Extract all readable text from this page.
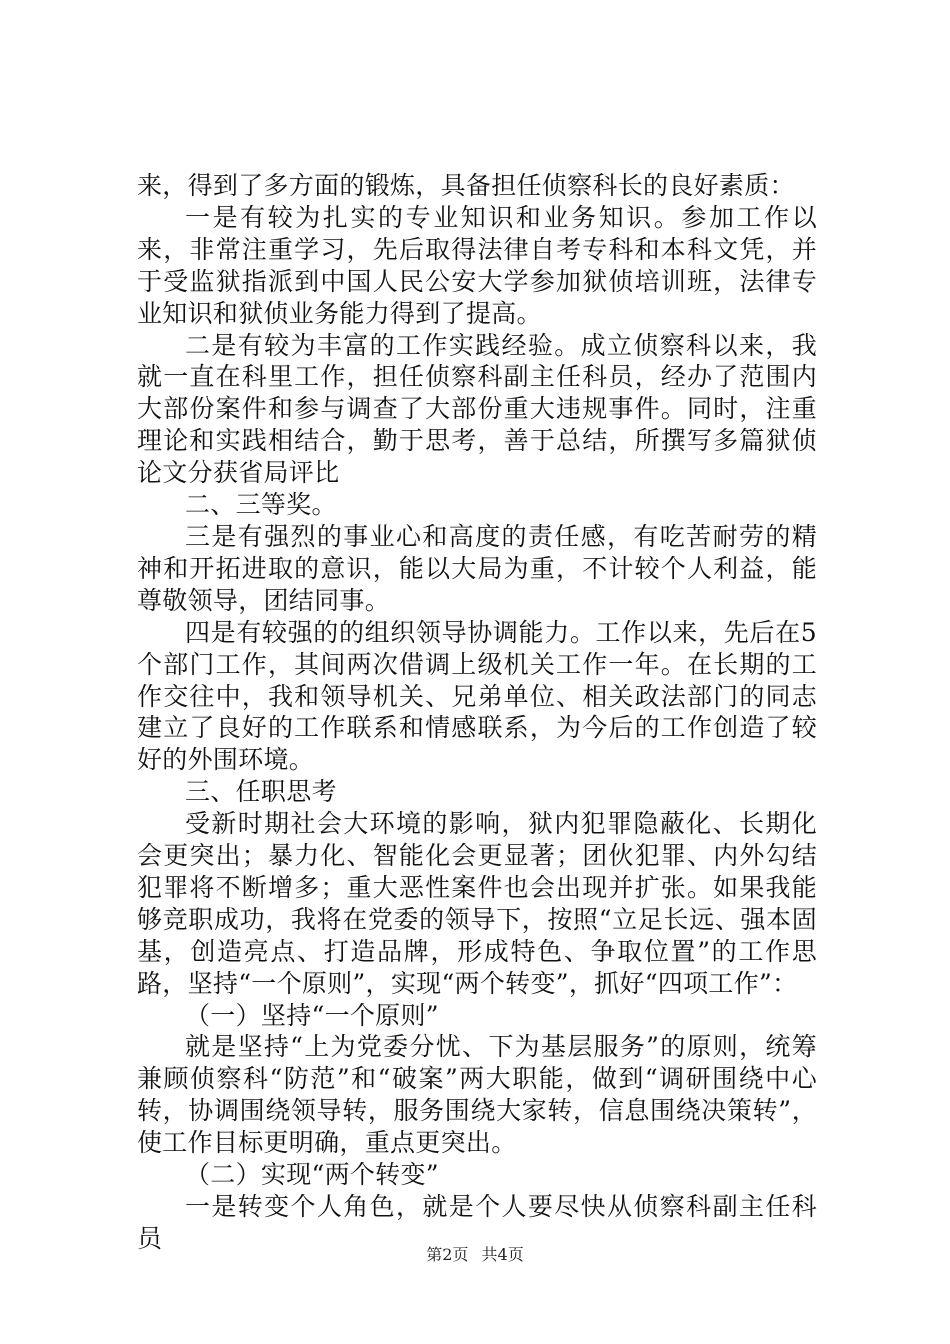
来，得到了多方面的锻炼，具备担任侦察科长的良好素质：

一是有较为扎实的专业知识和业务知识。参加工作以来，非常注重学习，先后取得法律自考专科和本科文凭，并于受监狱指派到中国人民公安大学参加狱侦培训班，法律专业知识和狱侦业务能力得到了提高。

二是有较为丰富的工作实践经验。成立侦察科以来，我就一直在科里工作，担任侦察科副主任科员，经办了范围内大部份案件和参与调查了大部份重大违规事件。同时，注重理论和实践相结合，勤于思考，善于总结，所撰写多篇狱侦论文分获省局评比

二、三等奖。

三是有强烈的事业心和高度的责任感，有吃苦耐劳的精神和开拓进取的意识，能以大局为重，不计较个人利益，能尊敬领导，团结同事。

四是有较强的的组织领导协调能力。工作以来，先后在5个部门工作，其间两次借调上级机关工作一年。在长期的工作交往中，我和领导机关、兄弟单位、相关政法部门的同志建立了良好的工作联系和情感联系，为今后的工作创造了较好的外围环境。

三、任职思考

受新时期社会大环境的影响，狱内犯罪隐蔽化、长期化会更突出；暴力化、智能化会更显著；团伙犯罪、内外勾结犯罪将不断增多；重大恶性案件也会出现并扩张。如果我能够竞职成功，我将在党委的领导下，按照“立足长远、强本固基，创造亮点、打造品牌，形成特色、争取位置”的工作思路，坚持“一个原则”，实现“两个转变”，抓好“四项工作”：

（一）坚持“一个原则”

就是坚持“上为党委分忧、下为基层服务”的原则，统筹兼顾侦察科“防范”和“破案”两大职能，做到“调研围绕中心转，协调围绕领导转，服务围绕大家转，信息围绕决策转”，使工作目标更明确，重点更突出。

（二）实现“两个转变”

一是转变个人角色，就是个人要尽快从侦察科副主任科员

第2页 共4页
